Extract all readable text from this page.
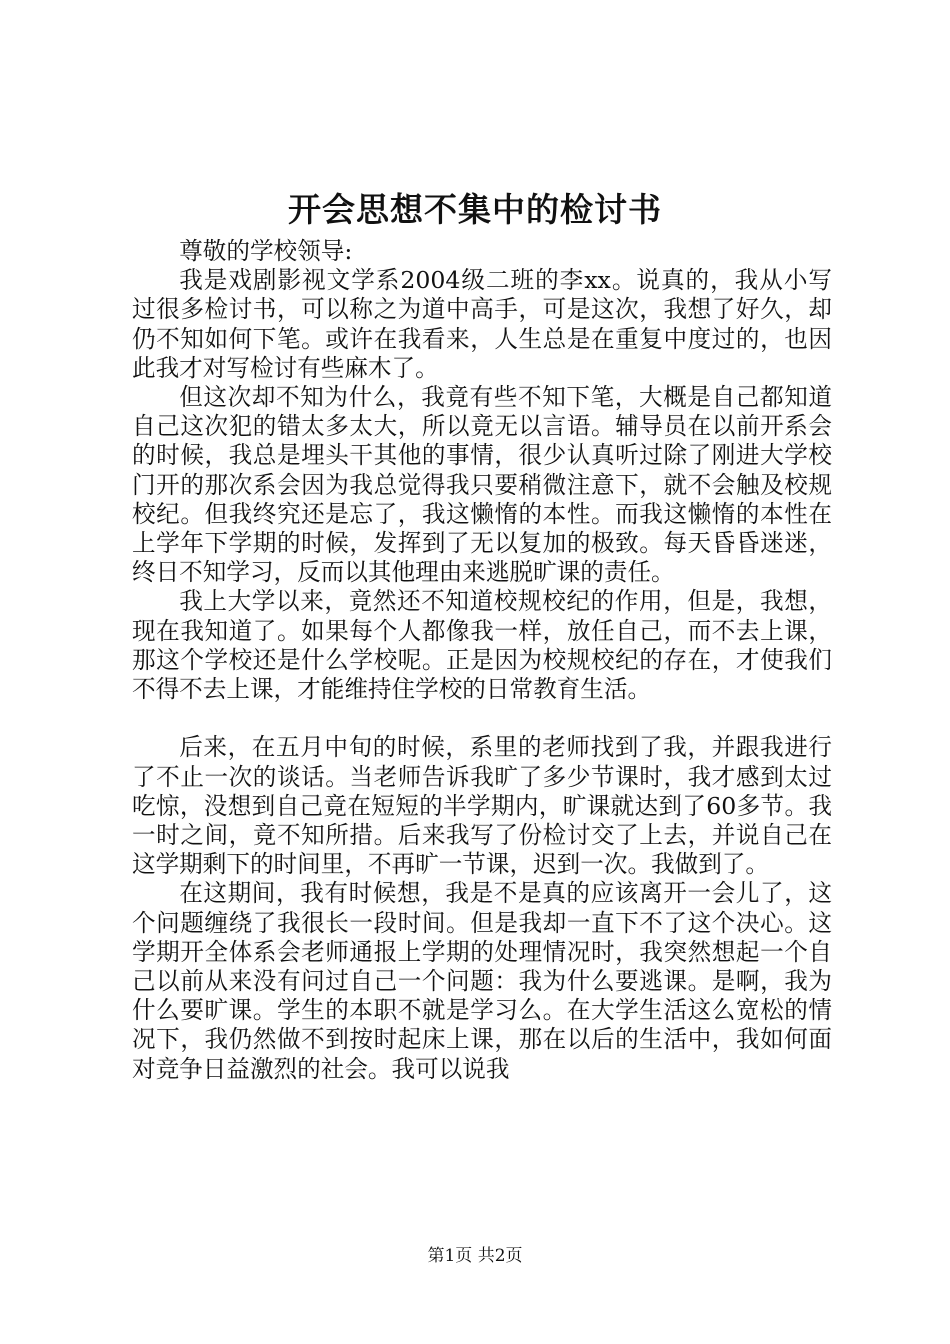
开会思想不集中的检讨书

尊敬的学校领导:

我是戏剧影视文学系2004级二班的李xx。说真的，我从小写过很多检讨书，可以称之为道中高手，可是这次，我想了好久，却仍不知如何下笔。或许在我看来，人生总是在重复中度过的，也因此我才对写检讨有些麻木了。

但这次却不知为什么，我竟有些不知下笔，大概是自己都知道自己这次犯的错太多太大，所以竟无以言语。辅导员在以前开系会的时候，我总是埋头干其他的事情，很少认真听过除了刚进大学校门开的那次系会因为我总觉得我只要稍微注意下，就不会触及校规校纪。但我终究还是忘了，我这懒惰的本性。而我这懒惰的本性在上学年下学期的时候，发挥到了无以复加的极致。每天昏昏迷迷，终日不知学习，反而以其他理由来逃脱旷课的责任。

我上大学以来，竟然还不知道校规校纪的作用，但是，我想，现在我知道了。如果每个人都像我一样，放任自己，而不去上课，那这个学校还是什么学校呢。正是因为校规校纪的存在，才使我们不得不去上课，才能维持住学校的日常教育生活。

后来，在五月中旬的时候，系里的老师找到了我，并跟我进行了不止一次的谈话。当老师告诉我旷了多少节课时，我才感到太过吃惊，没想到自己竟在短短的半学期内，旷课就达到了60多节。我一时之间，竟不知所措。后来我写了份检讨交了上去，并说自己在这学期剩下的时间里，不再旷一节课，迟到一次。我做到了。

在这期间，我有时候想，我是不是真的应该离开一会儿了，这个问题缠绕了我很长一段时间。但是我却一直下不了这个决心。这学期开全体系会老师通报上学期的处理情况时，我突然想起一个自己以前从来没有问过自己一个问题：我为什么要逃课。是啊，我为什么要旷课。学生的本职不就是学习么。在大学生活这么宽松的情况下，我仍然做不到按时起床上课，那在以后的生活中，我如何面对竞争日益激烈的社会。我可以说我

第1页 共2页
